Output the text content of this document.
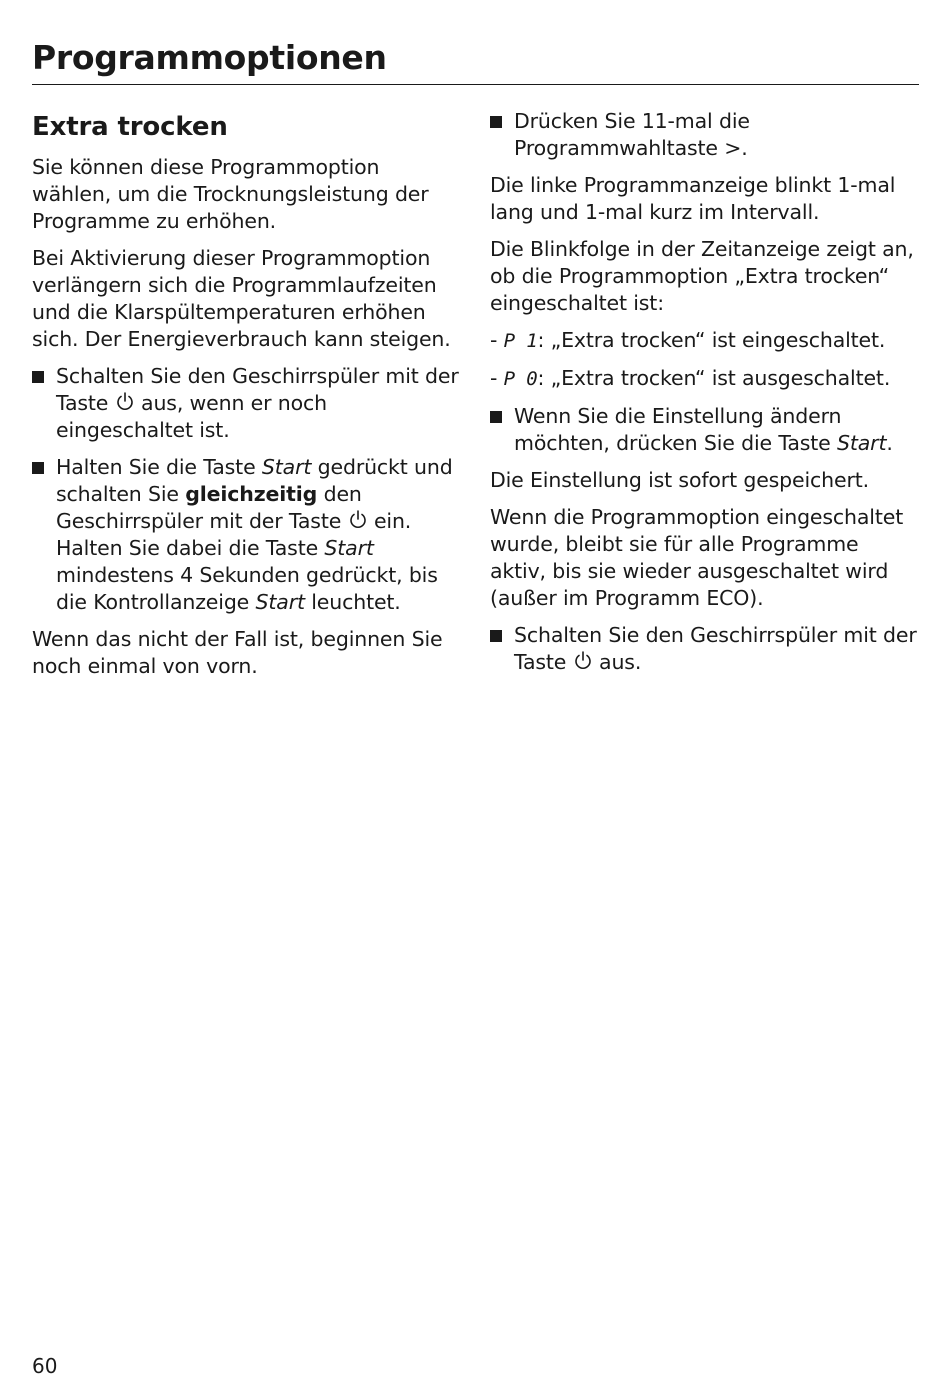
Programmoptionen
Extra trocken

Sie können diese Programmoption wählen, um die Trocknungsleistung der Programme zu erhöhen.

Bei Aktivierung dieser Programmoption verlängern sich die Programmlaufzeiten und die Klarspültemperaturen erhöhen sich. Der Energieverbrauch kann steigen.

Schalten Sie den Geschirrspüler mit der Taste aus, wenn er noch eingeschaltet ist.
Halten Sie die Taste Start gedrückt und schalten Sie gleichzeitig den Geschirrspüler mit der Taste ein. Halten Sie dabei die Taste Start mindestens 4 Sekunden gedrückt, bis die Kontrollanzeige Start leuchtet.

Wenn das nicht der Fall ist, beginnen Sie noch einmal von vorn.

Drücken Sie 11-mal die Programmwahltaste >.

Die linke Programmanzeige blinkt 1-mal lang und 1-mal kurz im Intervall.

Die Blinkfolge in der Zeitanzeige zeigt an, ob die Programmoption „Extra trocken“ eingeschaltet ist:

- P 1: „Extra trocken“ ist eingeschaltet.
- P 0: „Extra trocken“ ist ausgeschaltet.
Wenn Sie die Einstellung ändern möchten, drücken Sie die Taste Start.

Die Einstellung ist sofort gespeichert.

Wenn die Programmoption eingeschaltet wurde, bleibt sie für alle Programme aktiv, bis sie wieder ausgeschaltet wird (außer im Programm ECO).

Schalten Sie den Geschirrspüler mit der Taste aus.
60
